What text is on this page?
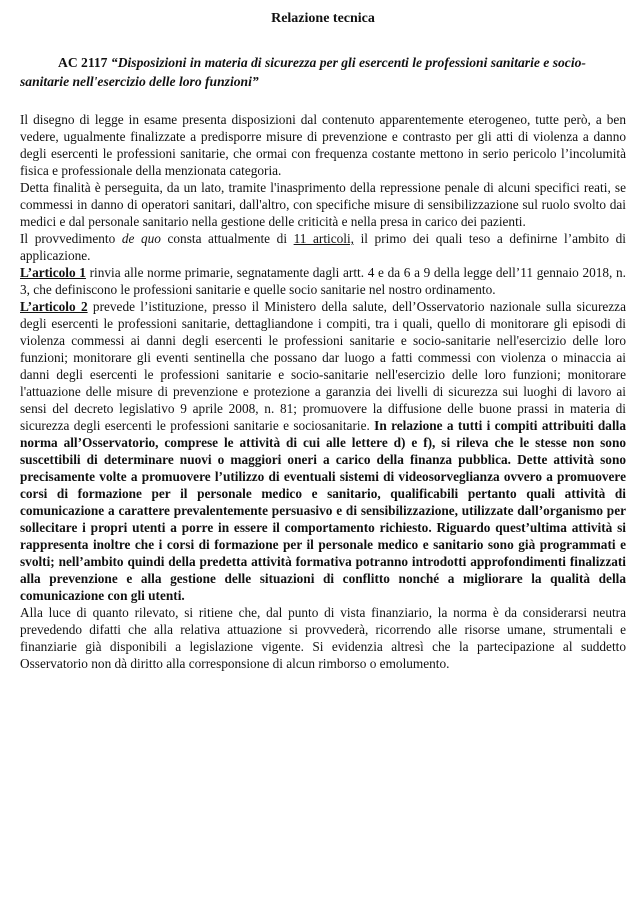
Relazione tecnica
AC 2117 “Disposizioni in materia di sicurezza per gli esercenti le professioni sanitarie e socio-sanitarie nell'esercizio delle loro funzioni”

Il disegno di legge in esame presenta disposizioni dal contenuto apparentemente eterogeneo, tutte però, a ben vedere, ugualmente finalizzate a predisporre misure di prevenzione e contrasto per gli atti di violenza a danno degli esercenti le professioni sanitarie, che ormai con frequenza costante mettono in serio pericolo l’incolumità fisica e professionale della menzionata categoria.

Detta finalità è perseguita, da un lato, tramite l'inasprimento della repressione penale di alcuni specifici reati, se commessi in danno di operatori sanitari, dall'altro, con specifiche misure di sensibilizzazione sul ruolo svolto dai medici e dal personale sanitario nella gestione delle criticità e nella presa in carico dei pazienti.

Il provvedimento de quo consta attualmente di 11 articoli, il primo dei quali teso a definirne l’ambito di applicazione.

L’articolo 1 rinvia alle norme primarie, segnatamente dagli artt. 4 e da 6 a 9 della legge dell’11 gennaio 2018, n. 3, che definiscono le professioni sanitarie e quelle socio sanitarie nel nostro ordinamento.

L’articolo 2 prevede l’istituzione, presso il Ministero della salute, dell’Osservatorio nazionale sulla sicurezza degli esercenti le professioni sanitarie, dettagliandone i compiti, tra i quali, quello di monitorare gli episodi di violenza commessi ai danni degli esercenti le professioni sanitarie e socio-sanitarie nell'esercizio delle loro funzioni; monitorare gli eventi sentinella che possano dar luogo a fatti commessi con violenza o minaccia ai danni degli esercenti le professioni sanitarie e socio-sanitarie nell'esercizio delle loro funzioni; monitorare l'attuazione delle misure di prevenzione e protezione a garanzia dei livelli di sicurezza sui luoghi di lavoro ai sensi del decreto legislativo 9 aprile 2008, n. 81; promuovere la diffusione delle buone prassi in materia di sicurezza degli esercenti le professioni sanitarie e sociosanitarie. In relazione a tutti i compiti attribuiti dalla norma all’Osservatorio, comprese le attività di cui alle lettere d) e f), si rileva che le stesse non sono suscettibili di determinare nuovi o maggiori oneri a carico della finanza pubblica. Dette attività sono precisamente volte a promuovere l’utilizzo di eventuali sistemi di videosorveglianza ovvero a promuovere corsi di formazione per il personale medico e sanitario, qualificabili pertanto quali attività di comunicazione a carattere prevalentemente persuasivo e di sensibilizzazione, utilizzate dall’organismo per sollecitare i propri utenti a porre in essere il comportamento richiesto. Riguardo quest’ultima attività si rappresenta inoltre che i corsi di formazione per il personale medico e sanitario sono già programmati e svolti; nell’ambito quindi della predetta attività formativa potranno introdotti approfondimenti finalizzati alla prevenzione e alla gestione delle situazioni di conflitto nonché a migliorare la qualità della comunicazione con gli utenti.

Alla luce di quanto rilevato, si ritiene che, dal punto di vista finanziario, la norma è da considerarsi neutra prevedendo difatti che alla relativa attuazione si provvederà, ricorrendo alle risorse umane, strumentali e finanziarie già disponibili a legislazione vigente. Si evidenzia altresì che la partecipazione al suddetto Osservatorio non dà diritto alla corresponsione di alcun rimborso o emolumento.
